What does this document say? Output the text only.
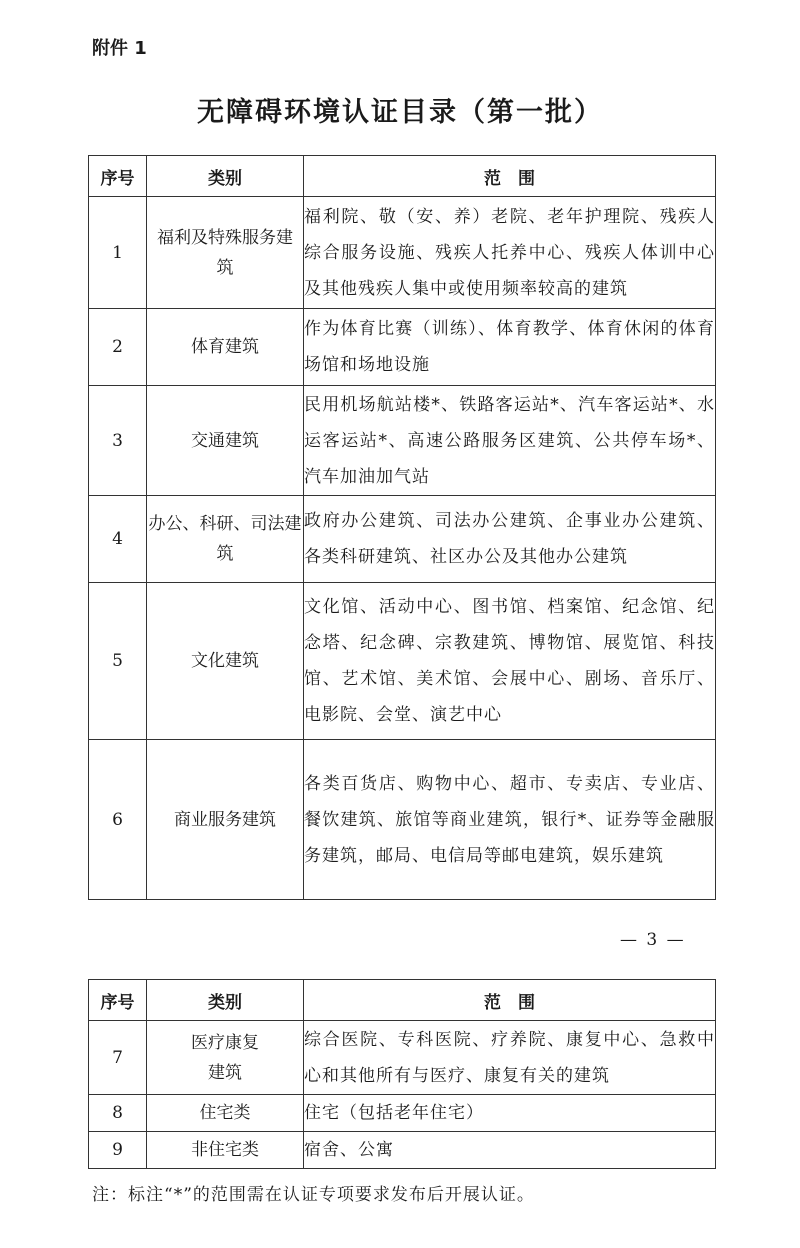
附件 1
无障碍环境认证目录（第一批）
序号	类别	范　围
1	福利及特殊服务建筑	福利院、敬（安、养）老院、老年护理院、残疾人综合服务设施、残疾人托养中心、残疾人体训中心及其他残疾人集中或使用频率较高的建筑
2	体育建筑	作为体育比赛（训练）、体育教学、体育休闲的体育场馆和场地设施
3	交通建筑	民用机场航站楼*、铁路客运站*、汽车客运站*、水运客运站*、高速公路服务区建筑、公共停车场*、汽车加油加气站
4	办公、科研、司法建筑	政府办公建筑、司法办公建筑、企事业办公建筑、各类科研建筑、社区办公及其他办公建筑
5	文化建筑	文化馆、活动中心、图书馆、档案馆、纪念馆、纪念塔、纪念碑、宗教建筑、博物馆、展览馆、科技馆、艺术馆、美术馆、会展中心、剧场、音乐厅、电影院、会堂、演艺中心
6	商业服务建筑	各类百货店、购物中心、超市、专卖店、专业店、餐饮建筑、旅馆等商业建筑，银行*、证券等金融服务建筑，邮局、电信局等邮电建筑，娱乐建筑
— 3 —
序号	类别	范　围
7	医疗康复建筑	综合医院、专科医院、疗养院、康复中心、急救中心和其他所有与医疗、康复有关的建筑
8	住宅类	住宅（包括老年住宅）
9	非住宅类	宿舍、公寓
注：标注“*”的范围需在认证专项要求发布后开展认证。
